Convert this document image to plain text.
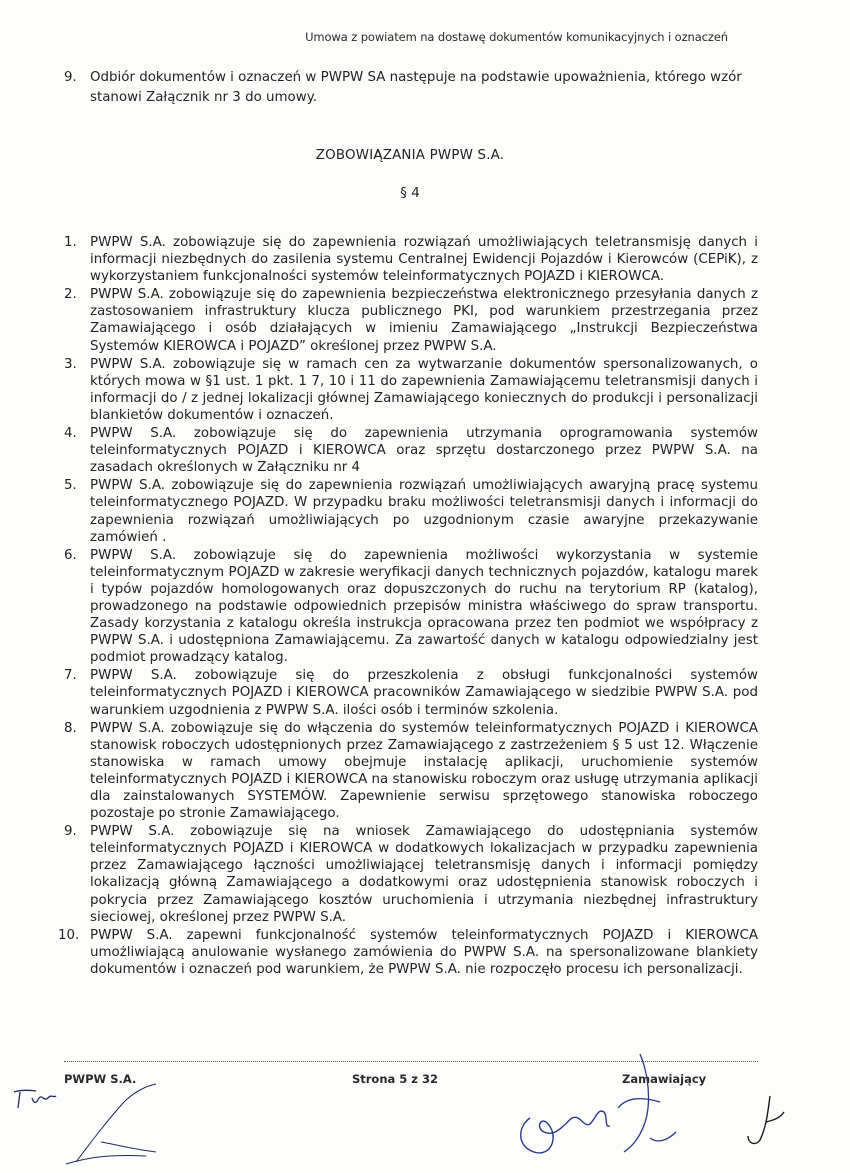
Umowa z powiatem na dostawę dokumentów komunikacyjnych i oznaczeń
9. Odbiór dokumentów i oznaczeń w PWPW SA następuje na podstawie upoważnienia, którego wzór stanowi Załącznik nr 3 do umowy.
ZOBOWIĄZANIA PWPW S.A.
§ 4
1. PWPW S.A. zobowiązuje się do zapewnienia rozwiązań umożliwiających teletransmisję danych i informacji niezbędnych do zasilenia systemu Centralnej Ewidencji Pojazdów i Kierowców (CEPiK), z wykorzystaniem funkcjonalności systemów teleinformatycznych POJAZD i KIEROWCA.
2. PWPW S.A. zobowiązuje się do zapewnienia bezpieczeństwa elektronicznego przesyłania danych z zastosowaniem infrastruktury klucza publicznego PKI, pod warunkiem przestrzegania przez Zamawiającego i osób działających w imieniu Zamawiającego „Instrukcji Bezpieczeństwa Systemów KIEROWCA i POJAZD” określonej przez PWPW S.A.
3. PWPW S.A. zobowiązuje się w ramach cen za wytwarzanie dokumentów spersonalizowanych, o których mowa w §1 ust. 1 pkt. 1 7, 10 i 11 do zapewnienia Zamawiającemu teletransmisji danych i informacji do / z jednej lokalizacji głównej Zamawiającego koniecznych do produkcji i personalizacji blankietów dokumentów i oznaczeń.
4. PWPW S.A. zobowiązuje się do zapewnienia utrzymania oprogramowania systemów teleinformatycznych POJAZD i KIEROWCA oraz sprzętu dostarczonego przez PWPW S.A. na zasadach określonych w Załączniku nr 4
5. PWPW S.A. zobowiązuje się do zapewnienia rozwiązań umożliwiających awaryjną pracę systemu teleinformatycznego POJAZD. W przypadku braku możliwości teletransmisji danych i informacji do zapewnienia rozwiązań umożliwiających po uzgodnionym czasie awaryjne przekazywanie zamówień .
6. PWPW S.A. zobowiązuje się do zapewnienia możliwości wykorzystania w systemie teleinformatycznym POJAZD w zakresie weryfikacji danych technicznych pojazdów, katalogu marek i typów pojazdów homologowanych oraz dopuszczonych do ruchu na terytorium RP (katalog), prowadzonego na podstawie odpowiednich przepisów ministra właściwego do spraw transportu. Zasady korzystania z katalogu określa instrukcja opracowana przez ten podmiot we współpracy z PWPW S.A. i udostępniona Zamawiającemu. Za zawartość danych w katalogu odpowiedzialny jest podmiot prowadzący katalog.
7. PWPW S.A. zobowiązuje się do przeszkolenia z obsługi funkcjonalności systemów teleinformatycznych POJAZD i KIEROWCA pracowników Zamawiającego w siedzibie PWPW S.A. pod warunkiem uzgodnienia z PWPW S.A. ilości osób i terminów szkolenia.
8. PWPW S.A. zobowiązuje się do włączenia do systemów teleinformatycznych POJAZD i KIEROWCA stanowisk roboczych udostępnionych przez Zamawiającego z zastrzeżeniem § 5 ust 12. Włączenie stanowiska w ramach umowy obejmuje instalację aplikacji, uruchomienie systemów teleinformatycznych POJAZD i KIEROWCA na stanowisku roboczym oraz usługę utrzymania aplikacji dla zainstalowanych SYSTEMÓW. Zapewnienie serwisu sprzętowego stanowiska roboczego pozostaje po stronie Zamawiającego.
9. PWPW S.A. zobowiązuje się na wniosek Zamawiającego do udostępniania systemów teleinformatycznych POJAZD i KIEROWCA w dodatkowych lokalizacjach w przypadku zapewnienia przez Zamawiającego łączności umożliwiającej teletransmisję danych i informacji pomiędzy lokalizacją główną Zamawiającego a dodatkowymi oraz udostępnienia stanowisk roboczych i pokrycia przez Zamawiającego kosztów uruchomienia i utrzymania niezbędnej infrastruktury sieciowej, określonej przez PWPW S.A.
10. PWPW S.A. zapewni funkcjonalność systemów teleinformatycznych POJAZD i KIEROWCA umożliwiającą anulowanie wysłanego zamówienia do PWPW S.A. na spersonalizowane blankiety dokumentów i oznaczeń pod warunkiem, że PWPW S.A. nie rozpoczęło procesu ich personalizacji.
PWPW S.A.	Strona 5 z 32	Zamawiający
